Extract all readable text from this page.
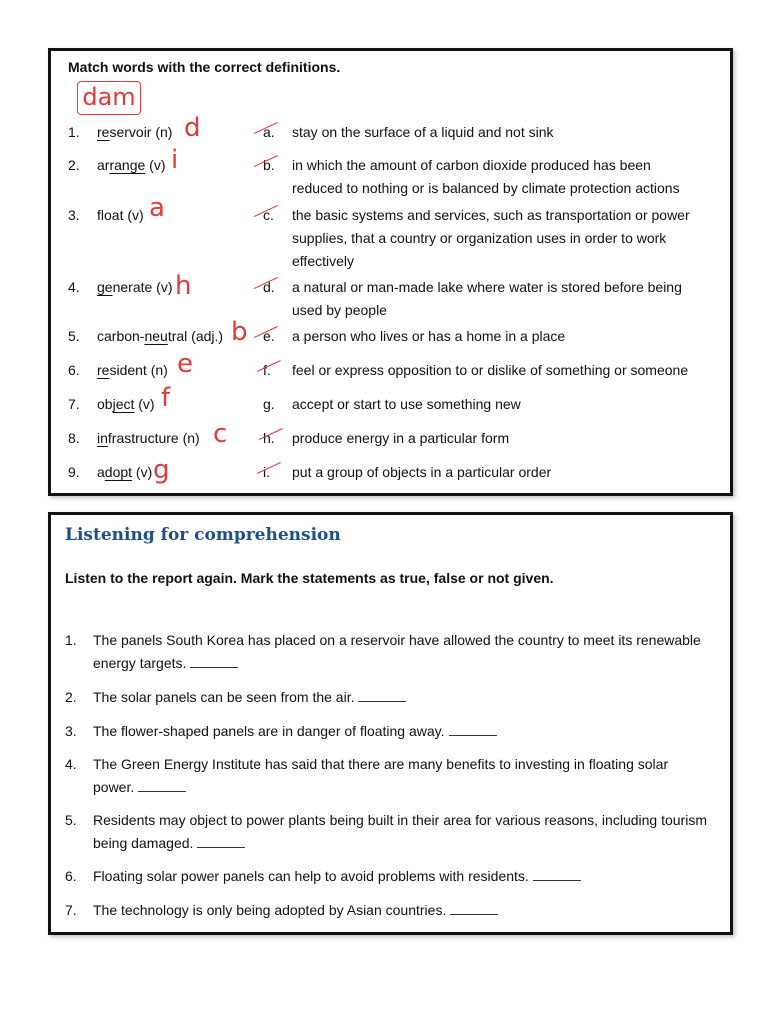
Match words with the correct definitions.
dam
1. reservoir (n) d
2. arrange (v) i
3. float (v) a
4. generate (v) h
5. carbon-neutral (adj.) b
6. resident (n) e
7. object (v) f
8. infrastructure (n) c
9. adopt (v) g
a. stay on the surface of a liquid and not sink
b. in which the amount of carbon dioxide produced has been
reduced to nothing or is balanced by climate protection actions
c. the basic systems and services, such as transportation or power
supplies, that a country or organization uses in order to work
effectively
d. a natural or man-made lake where water is stored before being
used by people
e. a person who lives or has a home in a place
f. feel or express opposition to or dislike of something or someone
g. accept or start to use something new
h. produce energy in a particular form
i. put a group of objects in a particular order
Listening for comprehension
Listen to the report again. Mark the statements as true, false or not given.
1. The panels South Korea has placed on a reservoir have allowed the country to meet its renewable
energy targets.
2. The solar panels can be seen from the air.
3. The flower-shaped panels are in danger of floating away.
4. The Green Energy Institute has said that there are many benefits to investing in floating solar
power.
5. Residents may object to power plants being built in their area for various reasons, including tourism
being damaged.
6. Floating solar power panels can help to avoid problems with residents.
7. The technology is only being adopted by Asian countries.
